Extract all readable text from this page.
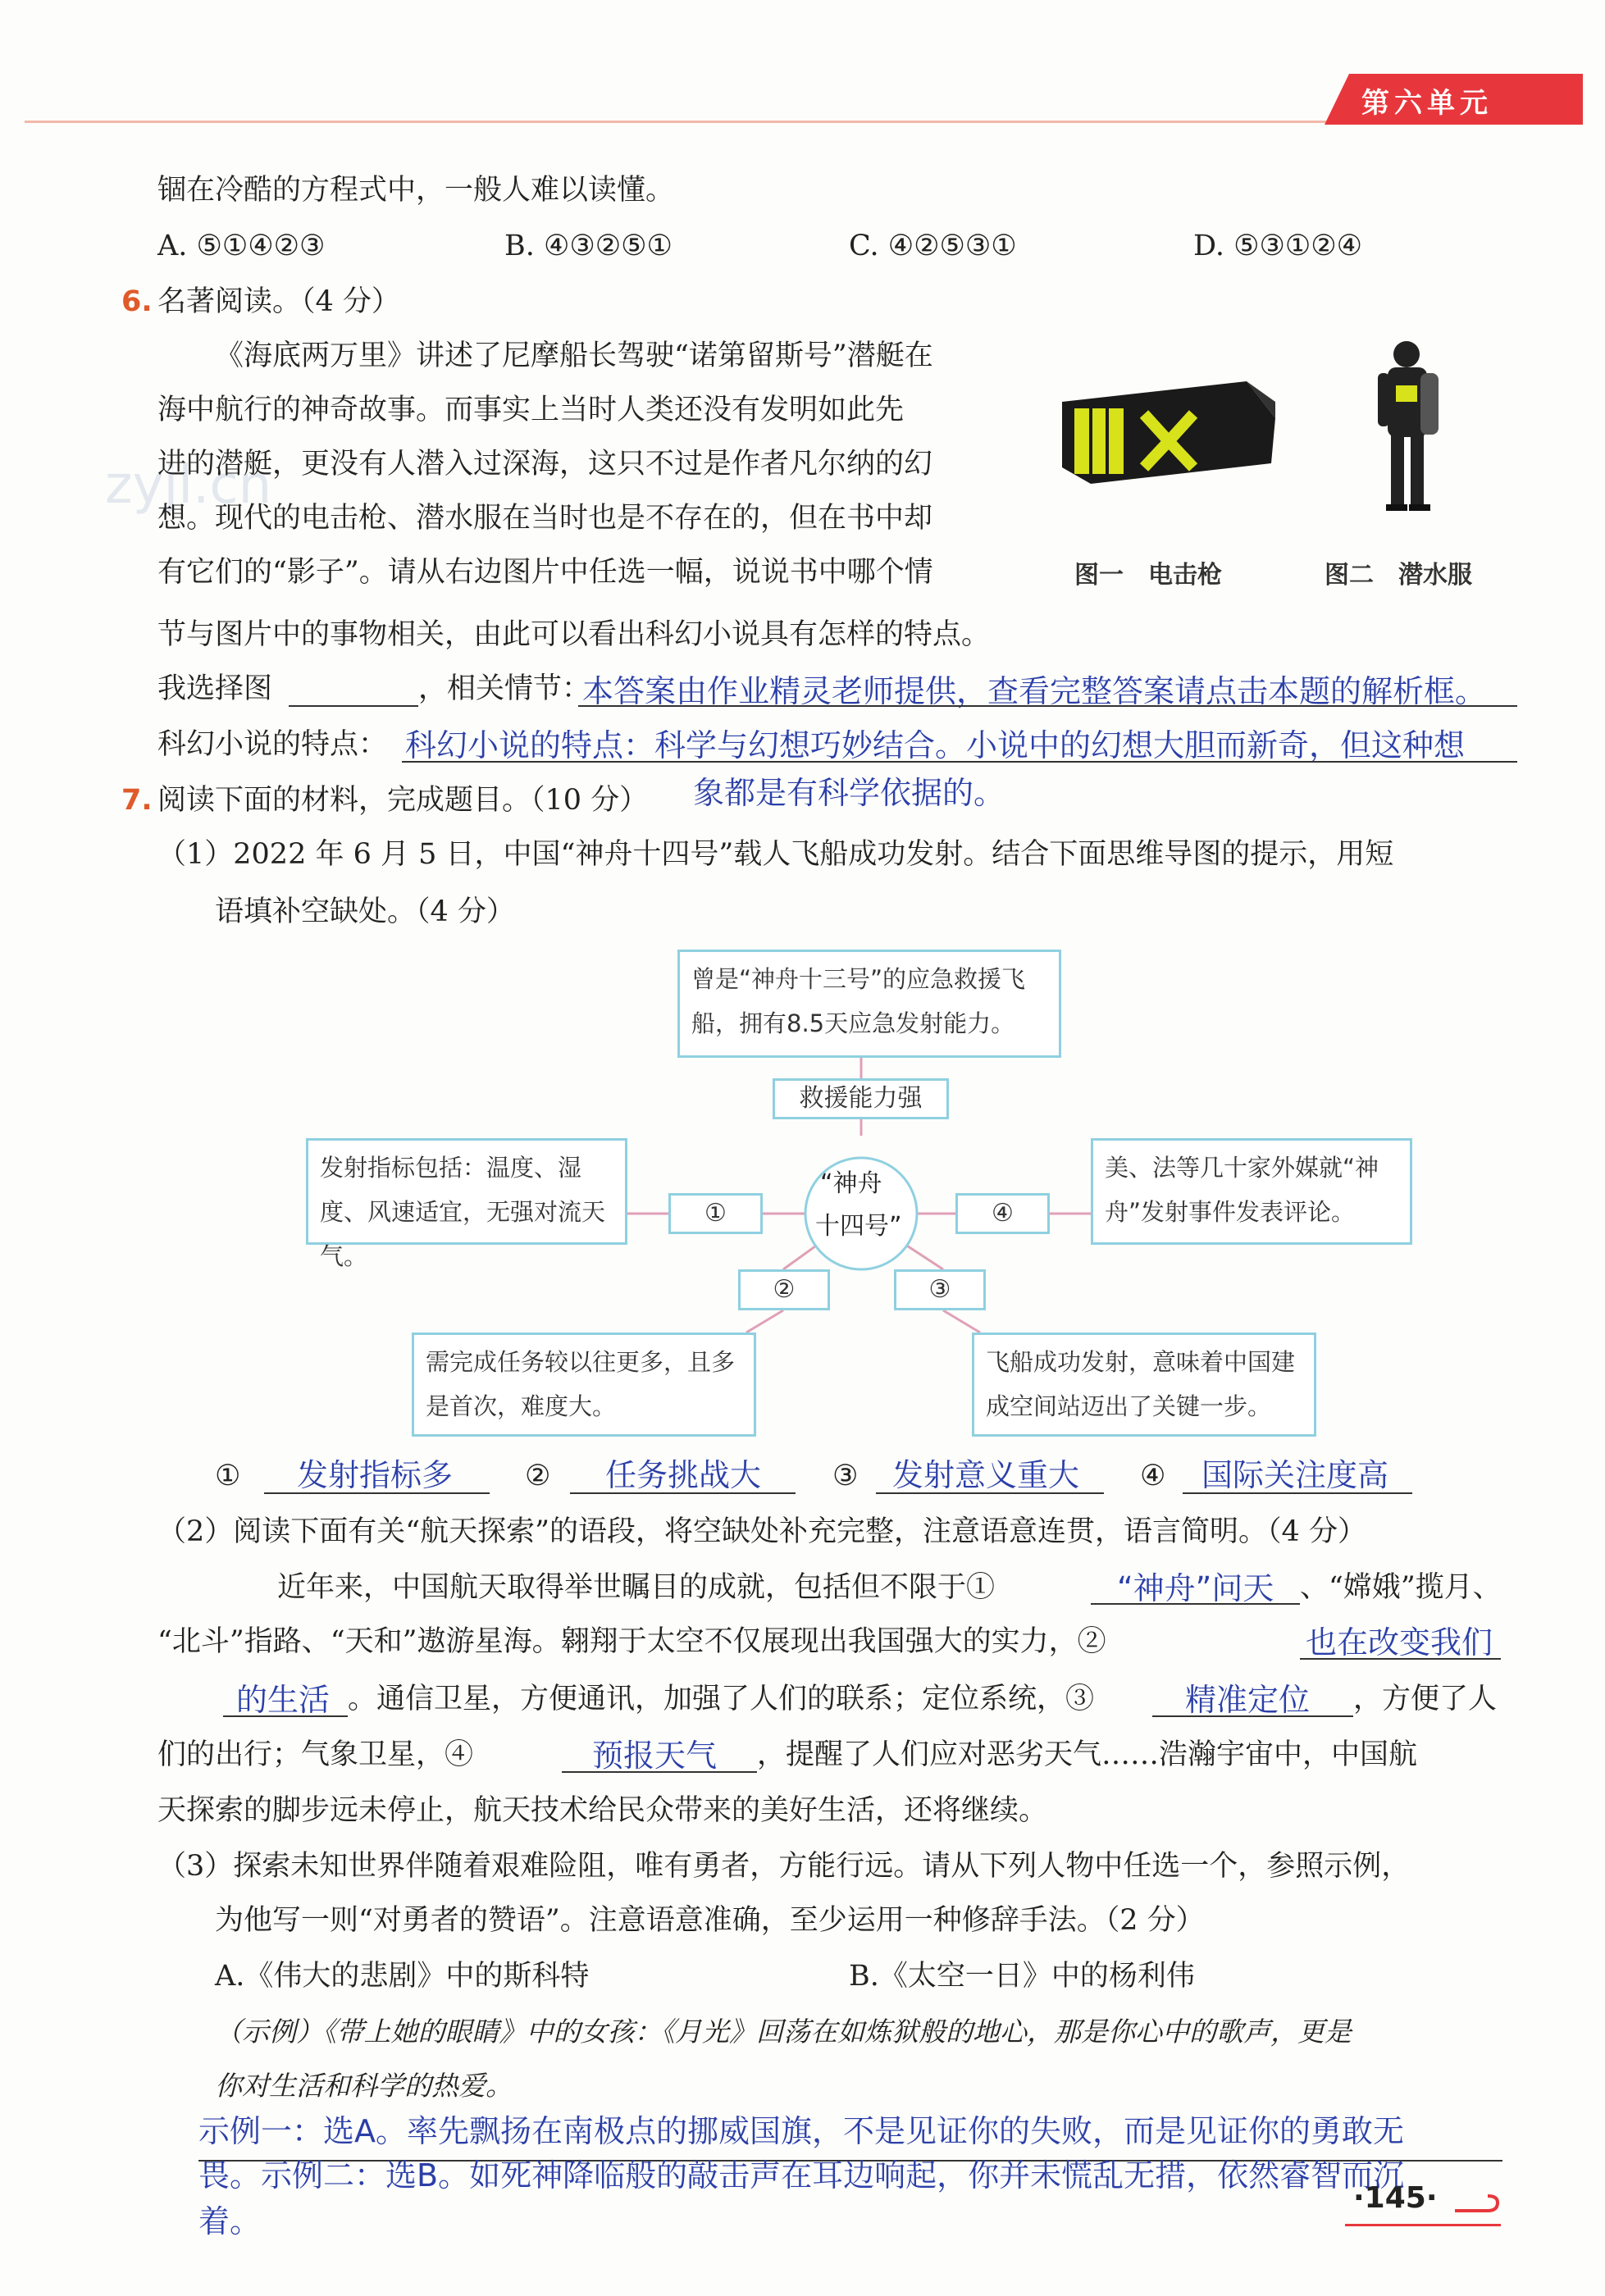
第六单元
zyjl.cn
锢在冷酷的方程式中，一般人难以读懂。
A. ⑤①④②③	B. ④③②⑤①	C. ④②⑤③①	D. ⑤③①②④
6. 名著阅读。（4 分）
《海底两万里》讲述了尼摩船长驾驶“诺第留斯号”潜艇在
海中航行的神奇故事。而事实上当时人类还没有发明如此先
进的潜艇，更没有人潜入过深海，这只不过是作者凡尔纳的幻
想。现代的电击枪、潜水服在当时也是不存在的，但在书中却
有它们的“影子”。请从右边图片中任选一幅，说说书中哪个情
节与图片中的事物相关，由此可以看出科幻小说具有怎样的特点。
图一　电击枪	图二　潜水服
我选择图	，相关情节：
本答案由作业精灵老师提供，查看完整答案请点击本题的解析框。
科幻小说的特点： 科幻小说的特点：科学与幻想巧妙结合。小说中的幻想大胆而新奇，但这种想
象都是有科学依据的。
7. 阅读下面的材料，完成题目。（10 分）
（1）2022 年 6 月 5 日，中国“神舟十四号”载人飞船成功发射。结合下面思维导图的提示，用短
语填补空缺处。（4 分）
曾是“神舟十三号”的应急救援飞船，拥有8.5天应急发射能力。
救援能力强
“神舟
十四号”
发射指标包括：温度、湿度、风速适宜，无强对流天气。
①	④
美、法等几十家外媒就“神舟”发射事件发表评论。
②	③
需完成任务较以往更多，且多是首次，难度大。
飞船成功发射，意味着中国建成空间站迈出了关键一步。
① 发射指标多	② 任务挑战大 ③ 发射意义重大 ④ 国际关注度高
（2）阅读下面有关“航天探索”的语段，将空缺处补充完整，注意语意连贯，语言简明。（4 分）
近年来，中国航天取得举世瞩目的成就，包括但不限于①	“神舟”问天 、“嫦娥”揽月、
“北斗”指路、“天和”遨游星海。翱翔于太空不仅展现出我国强大的实力，②	也在改变我们
的生活 。通信卫星，方便通讯，加强了人们的联系；定位系统，③	精准定位 ，方便了人
们的出行；气象卫星，④	预报天气 ，提醒了人们应对恶劣天气……浩瀚宇宙中，中国航
天探索的脚步远未停止，航天技术给民众带来的美好生活，还将继续。
（3）探索未知世界伴随着艰难险阻，唯有勇者，方能行远。请从下列人物中任选一个，参照示例，
为他写一则“对勇者的赞语”。注意语意准确，至少运用一种修辞手法。（2 分）
A.《伟大的悲剧》中的斯科特	B.《太空一日》中的杨利伟
（示例）《带上她的眼睛》中的女孩：《月光》回荡在如炼狱般的地心，那是你心中的歌声，更是
你对生活和科学的热爱。
示例一：选A。率先飘扬在南极点的挪威国旗，不是见证你的失败，而是见证你的勇敢无
畏。示例二：选B。如死神降临般的敲击声在耳边响起，你并未慌乱无措，依然睿智而沉
着。
·145·
